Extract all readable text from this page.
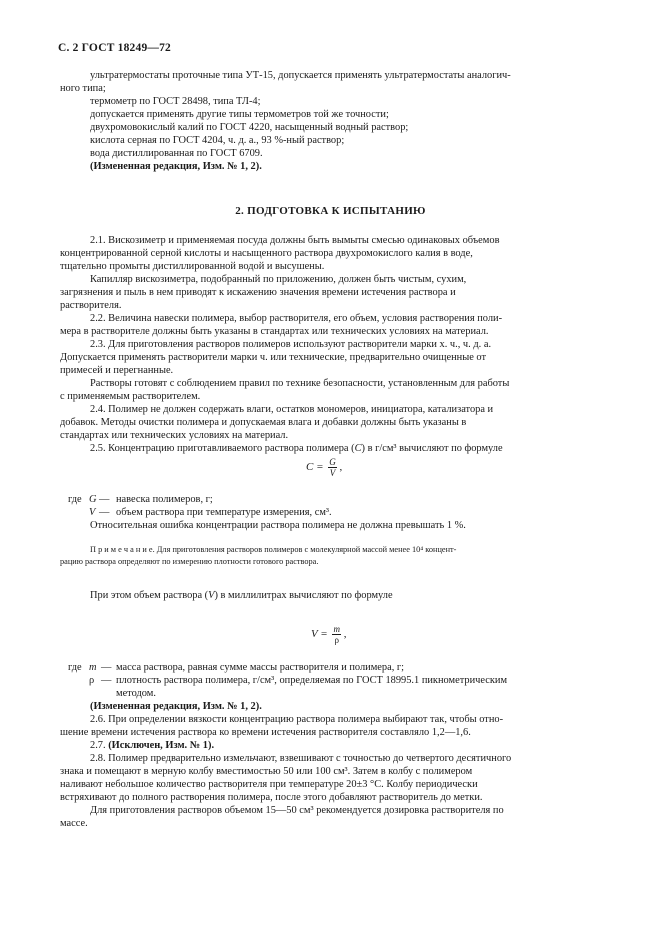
С. 2 ГОСТ 18249—72
ультратермостаты проточные типа УТ-15, допускается применять ультратермостаты аналогич-
ного типа;
термометр по ГОСТ 28498, типа ТЛ-4;
допускается применять другие типы термометров той же точности;
двухромовокислый калий по ГОСТ 4220, насыщенный водный раствор;
кислота серная по ГОСТ 4204, ч. д. а., 93 %-ный раствор;
вода дистиллированная по ГОСТ 6709.
(Измененная редакция, Изм. № 1, 2).
2. ПОДГОТОВКА К ИСПЫТАНИЮ
2.1. Вискозиметр и применяемая посуда должны быть вымыты смесью одинаковых объемов
концентрированной серной кислоты и насыщенного раствора двухромокислого калия в воде,
тщательно промыты дистиллированной водой и высушены.
Капилляр вискозиметра, подобранный по приложению, должен быть чистым, сухим,
загрязнения и пыль в нем приводят к искажению значения времени истечения раствора и
растворителя.
2.2. Величина навески полимера, выбор растворителя, его объем, условия растворения поли-
мера в растворителе должны быть указаны в стандартах или технических условиях на материал.
2.3. Для приготовления растворов полимеров используют растворители марки х. ч., ч. д. а.
Допускается применять растворители марки ч. или технические, предварительно очищенные от
примесей и перегнанные.
Растворы готовят с соблюдением правил по технике безопасности, установленным для работы
с применяемым растворителем.
2.4. Полимер не должен содержать влаги, остатков мономеров, инициатора, катализатора и
добавок. Методы очистки полимера и допускаемая влага и добавки должны быть указаны в
стандартах или технических условиях на материал.
2.5. Концентрацию приготавливаемого раствора полимера (C) в г/см³ вычисляют по формуле
$C = \frac{G}{V}$ ,
где G — навеска полимеров, г;
V — объем раствора при температуре измерения, см³.
Относительная ошибка концентрации раствора полимера не должна превышать 1 %.
П р и м е ч а н и е. Для приготовления растворов полимеров с молекулярной массой менее 10⁴ концент-
рацию раствора определяют по измерению плотности готового раствора.
При этом объем раствора (V) в миллилитрах вычисляют по формуле
$V = \frac{m}{\rho}$ ,
где m — масса раствора, равная сумме массы растворителя и полимера, г;
ρ — плотность раствора полимера, г/см³, определяемая по ГОСТ 18995.1 пикнометрическим
методом.
(Измененная редакция, Изм. № 1, 2).
2.6. При определении вязкости концентрацию раствора полимера выбирают так, чтобы отно-
шение времени истечения раствора ко времени истечения растворителя составляло 1,2—1,6.
2.7. (Исключен, Изм. № 1).
2.8. Полимер предварительно измельчают, взвешивают с точностью до четвертого десятичного
знака и помещают в мерную колбу вместимостью 50 или 100 см³. Затем в колбу с полимером
наливают небольшое количество растворителя при температуре 20±3 °С. Колбу периодически
встряхивают до полного растворения полимера, после этого добавляют растворитель до метки.
Для приготовления растворов объемом 15—50 см³ рекомендуется дозировка растворителя по
массе.
